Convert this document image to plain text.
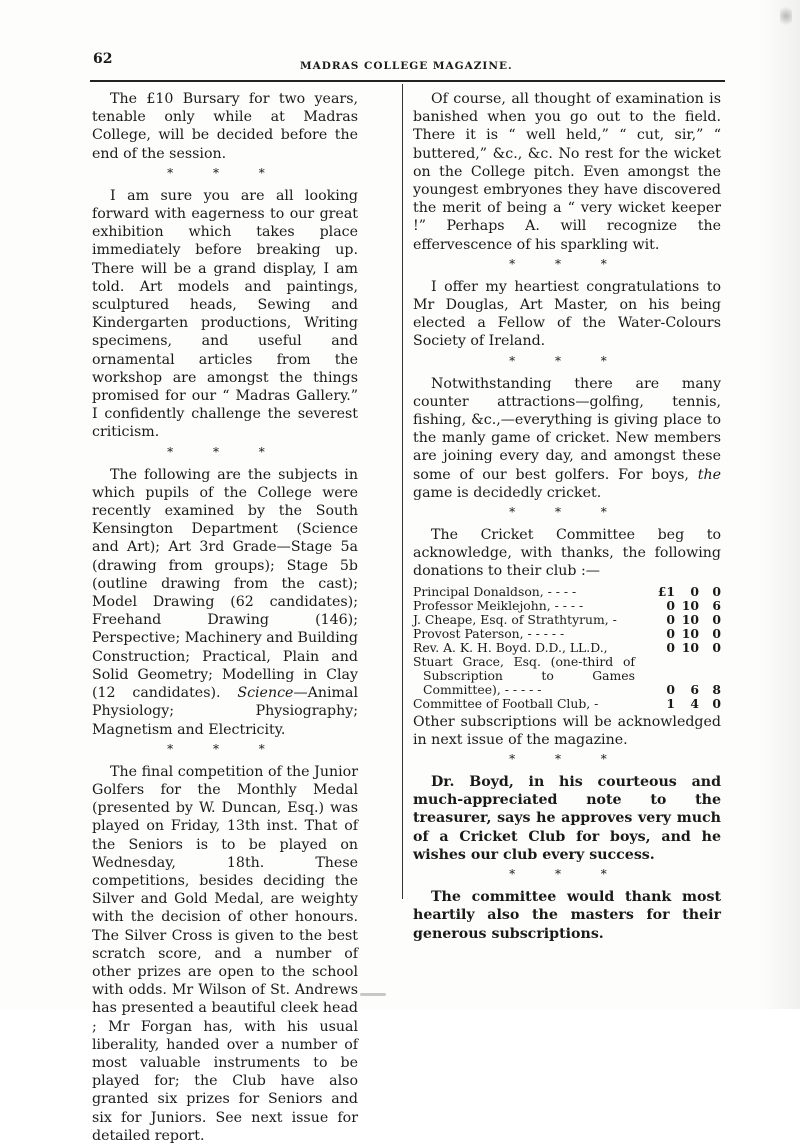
62	MADRAS COLLEGE MAGAZINE.

The £10 Bursary for two years, tenable only while at Madras College, will be decided before the end of the session.

* * *

I am sure you are all looking forward with eagerness to our great exhibition which takes place immediately before breaking up. There will be a grand display, I am told. Art models and paintings, sculptured heads, Sewing and Kindergarten productions, Writing specimens, and useful and ornamental articles from the workshop are amongst the things promised for our “ Madras Gallery.” I confidently challenge the severest criticism.

* * *

The following are the subjects in which pupils of the College were recently examined by the South Kensington Department (Science and Art); Art 3rd Grade—Stage 5a (drawing from groups); Stage 5b (outline drawing from the cast); Model Drawing (62 candidates); Freehand Drawing (146); Perspective; Machinery and Building Construction; Practical, Plain and Solid Geometry; Modelling in Clay (12 candidates). Science—Animal Physiology; Physiography; Magnetism and Electricity.

* * *

The final competition of the Junior Golfers for the Monthly Medal (presented by W. Duncan, Esq.) was played on Friday, 13th inst. That of the Seniors is to be played on Wednesday, 18th. These competitions, besides deciding the Silver and Gold Medal, are weighty with the decision of other honours. The Silver Cross is given to the best scratch score, and a number of other prizes are open to the school with odds. Mr Wilson of St. Andrews has presented a beautiful cleek head ; Mr Forgan has, with his usual liberality, handed over a number of most valuable instruments to be played for; the Club have also granted six prizes for Seniors and six for Juniors. See next issue for detailed report.

Of course, all thought of examination is banished when you go out to the field. There it is “ well held,” “ cut, sir,” “ buttered,” &c., &c. No rest for the wicket on the College pitch. Even amongst the youngest embryones they have discovered the merit of being a “ very wicket keeper !” Perhaps A. will recognize the effervescence of his sparkling wit.

* * *

I offer my heartiest congratulations to Mr Douglas, Art Master, on his being elected a Fellow of the Water-Colours Society of Ireland.

* * *

Notwithstanding there are many counter attractions—golfing, tennis, fishing, &c.,—everything is giving place to the manly game of cricket. New members are joining every day, and amongst these some of our best golfers. For boys, the game is decidedly cricket.

* * *

The Cricket Committee beg to acknowledge, with thanks, the following donations to their club :—

Principal Donaldson, - - - -	£1	0	0
Professor Meiklejohn, - - - -	0 10	6
J. Cheape, Esq. of Strathtyrum, -	0 10	0
Provost Paterson, - - - - -	0 10	0
Rev. A. K. H. Boyd. D.D., LL.D.,	0 10	0
Stuart Grace, Esq. (one-third of Subscription to Games Committee), - - - - -	0	6	8
Committee of Football Club, -	1	4	0

Other subscriptions will be acknowledged in next issue of the magazine.

* * *

Dr. Boyd, in his courteous and much-appreciated note to the treasurer, says he approves very much of a Cricket Club for boys, and he wishes our club every success.

* * *

The committee would thank most heartily also the masters for their generous subscriptions.
